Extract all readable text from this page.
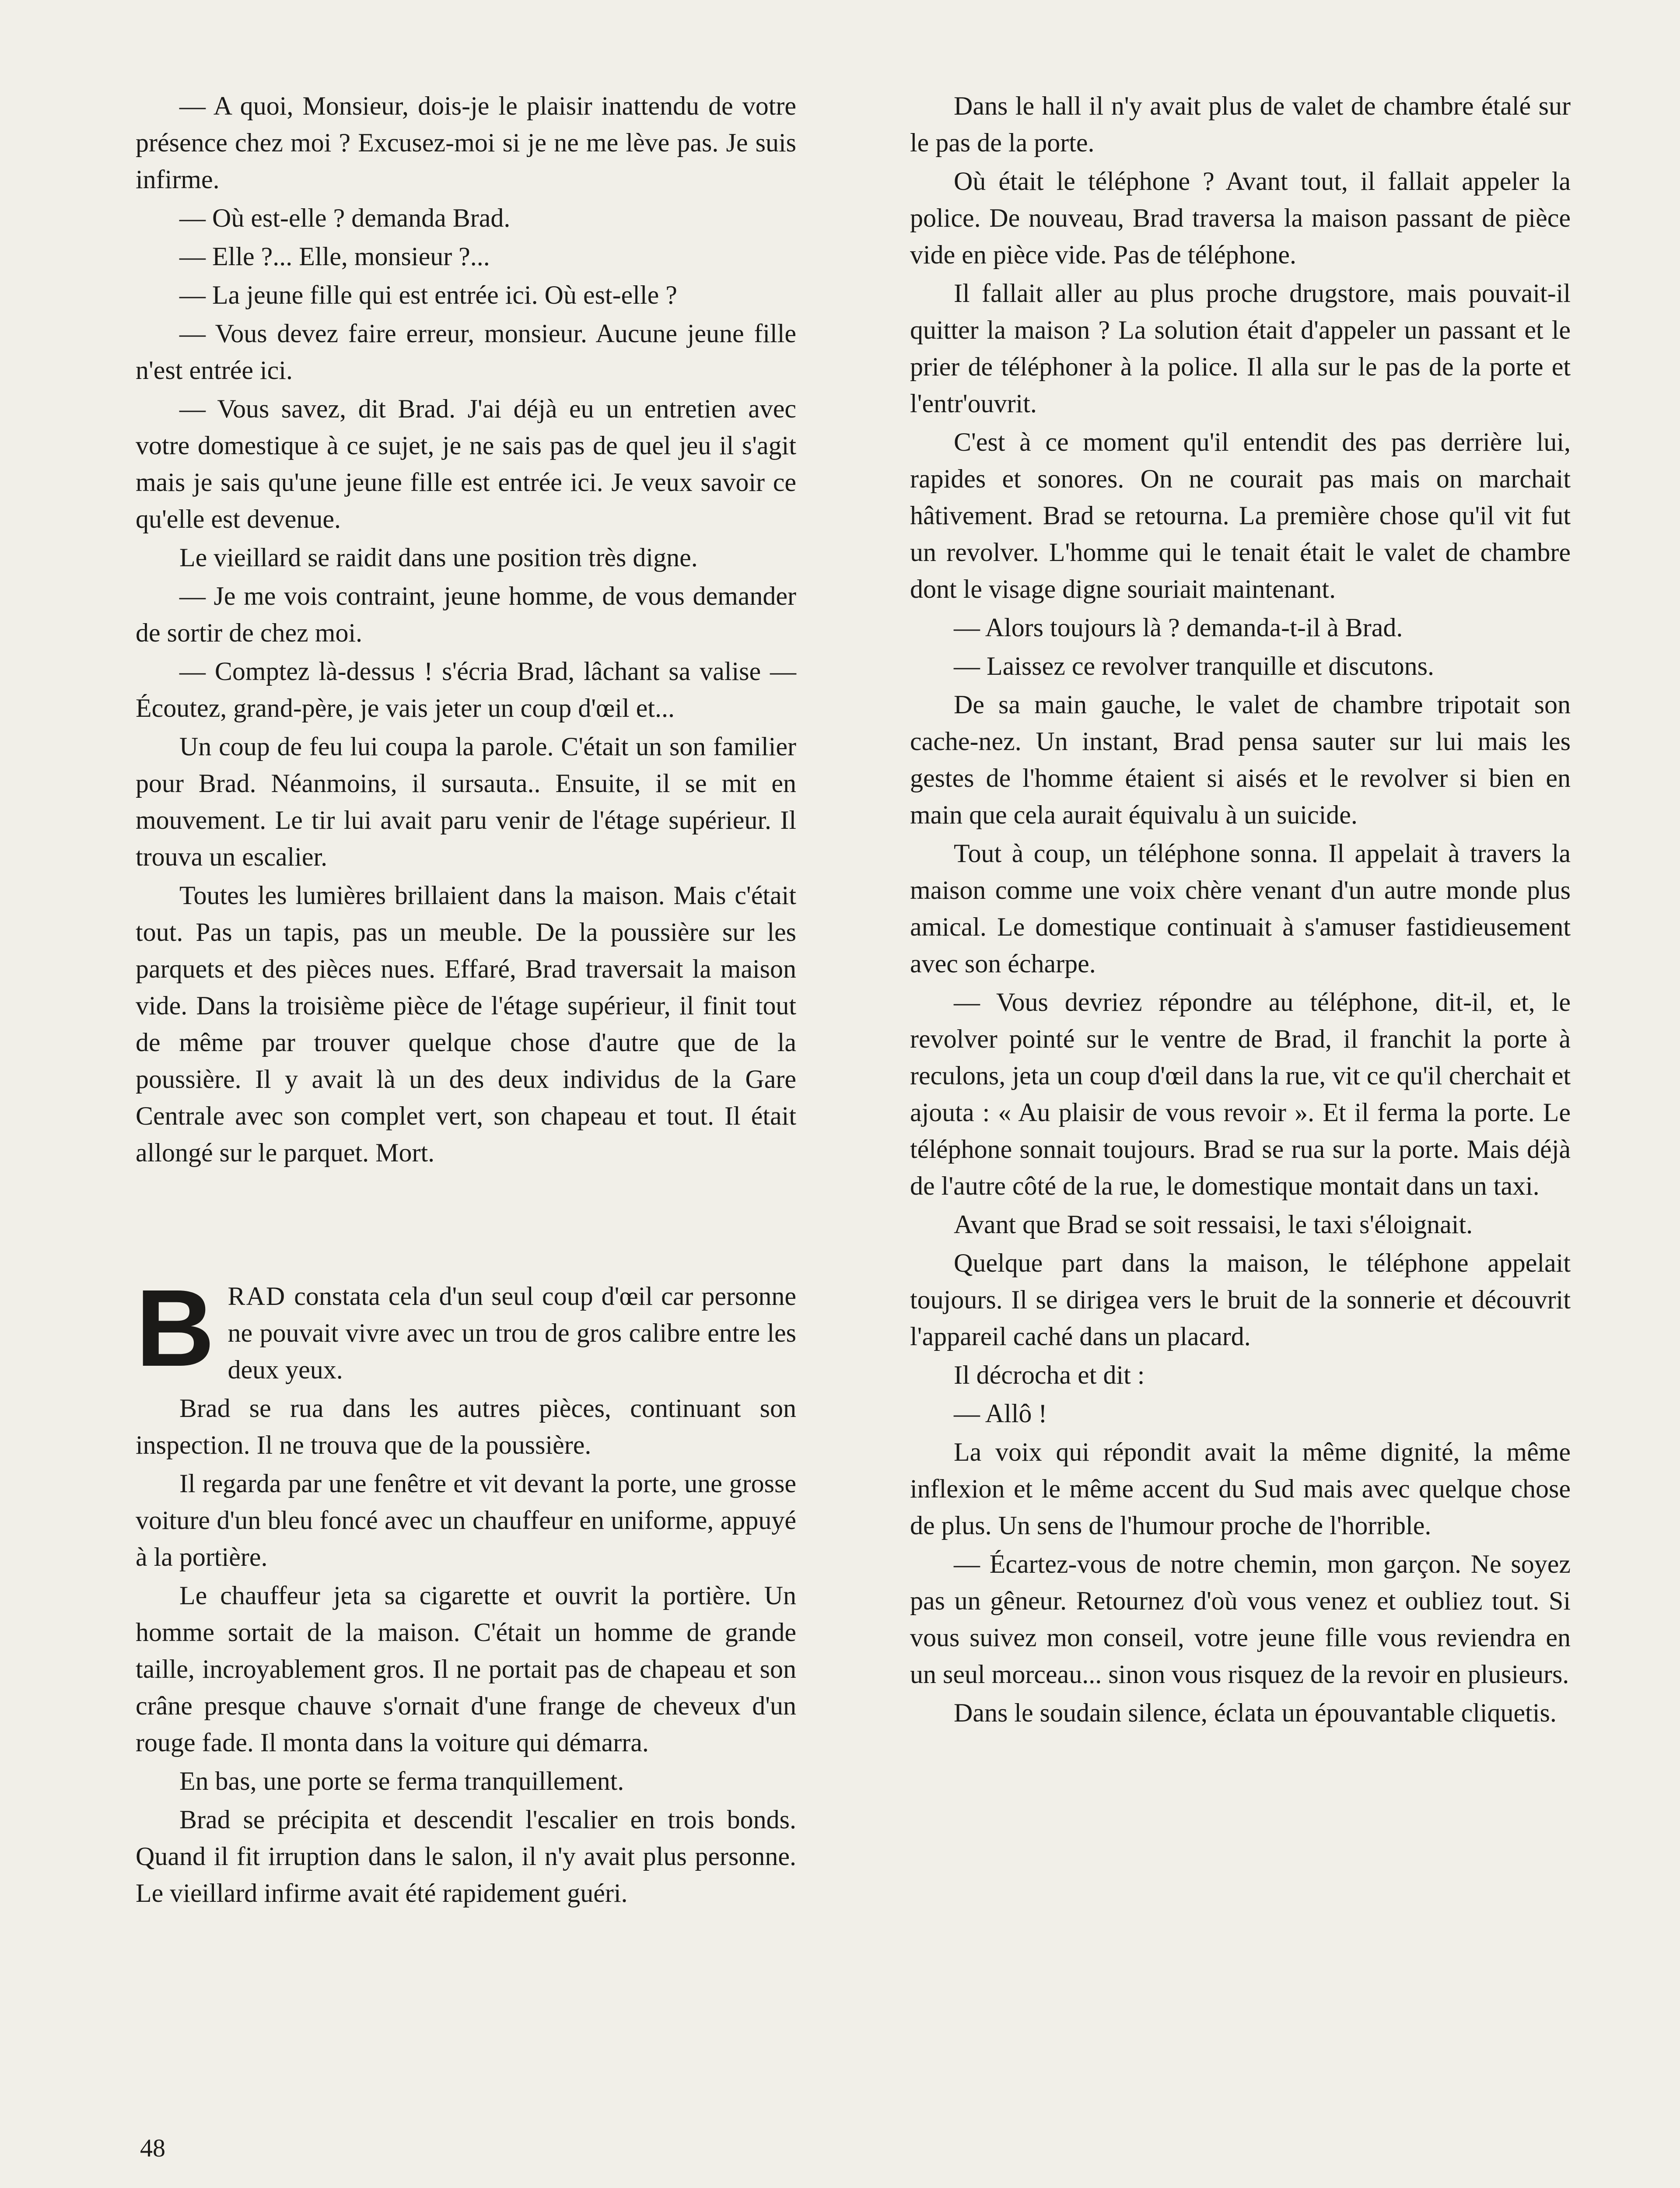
— A quoi, Monsieur, dois-je le plaisir inattendu de votre présence chez moi ? Excusez-moi si je ne me lève pas. Je suis infirme.

— Où est-elle ? demanda Brad.

— Elle ?... Elle, monsieur ?...

— La jeune fille qui est entrée ici. Où est-elle ?

— Vous devez faire erreur, monsieur. Aucune jeune fille n'est entrée ici.

— Vous savez, dit Brad. J'ai déjà eu un entretien avec votre domestique à ce sujet, je ne sais pas de quel jeu il s'agit mais je sais qu'une jeune fille est entrée ici. Je veux savoir ce qu'elle est devenue.

Le vieillard se raidit dans une position très digne.

— Je me vois contraint, jeune homme, de vous demander de sortir de chez moi.

— Comptez là-dessus ! s'écria Brad, lâchant sa valise — Écoutez, grand-père, je vais jeter un coup d'œil et...

Un coup de feu lui coupa la parole. C'était un son familier pour Brad. Néanmoins, il sursauta.. Ensuite, il se mit en mouvement. Le tir lui avait paru venir de l'étage supérieur. Il trouva un escalier.

Toutes les lumières brillaient dans la maison. Mais c'était tout. Pas un tapis, pas un meuble. De la poussière sur les parquets et des pièces nues. Effaré, Brad traversait la maison vide. Dans la troisième pièce de l'étage supérieur, il finit tout de même par trouver quelque chose d'autre que de la poussière. Il y avait là un des deux individus de la Gare Centrale avec son complet vert, son chapeau et tout. Il était allongé sur le parquet. Mort.

BRAD constata cela d'un seul coup d'œil car personne ne pouvait vivre avec un trou de gros calibre entre les deux yeux.

Brad se rua dans les autres pièces, continuant son inspection. Il ne trouva que de la poussière.

Il regarda par une fenêtre et vit devant la porte, une grosse voiture d'un bleu foncé avec un chauffeur en uniforme, appuyé à la portière.

Le chauffeur jeta sa cigarette et ouvrit la portière. Un homme sortait de la maison. C'était un homme de grande taille, incroyablement gros. Il ne portait pas de chapeau et son crâne presque chauve s'ornait d'une frange de cheveux d'un rouge fade. Il monta dans la voiture qui démarra.

En bas, une porte se ferma tranquillement.

Brad se précipita et descendit l'escalier en trois bonds. Quand il fit irruption dans le salon, il n'y avait plus personne. Le vieillard infirme avait été rapidement guéri.

Dans le hall il n'y avait plus de valet de chambre étalé sur le pas de la porte.

Où était le téléphone ? Avant tout, il fallait appeler la police. De nouveau, Brad traversa la maison passant de pièce vide en pièce vide. Pas de téléphone.

Il fallait aller au plus proche drugstore, mais pouvait-il quitter la maison ? La solution était d'appeler un passant et le prier de téléphoner à la police. Il alla sur le pas de la porte et l'entr'ouvrit.

C'est à ce moment qu'il entendit des pas derrière lui, rapides et sonores. On ne courait pas mais on marchait hâtivement. Brad se retourna. La première chose qu'il vit fut un revolver. L'homme qui le tenait était le valet de chambre dont le visage digne souriait maintenant.

— Alors toujours là ? demanda-t-il à Brad.

— Laissez ce revolver tranquille et discutons.

De sa main gauche, le valet de chambre tripotait son cache-nez. Un instant, Brad pensa sauter sur lui mais les gestes de l'homme étaient si aisés et le revolver si bien en main que cela aurait équivalu à un suicide.

Tout à coup, un téléphone sonna. Il appelait à travers la maison comme une voix chère venant d'un autre monde plus amical. Le domestique continuait à s'amuser fastidieusement avec son écharpe.

— Vous devriez répondre au téléphone, dit-il, et, le revolver pointé sur le ventre de Brad, il franchit la porte à reculons, jeta un coup d'œil dans la rue, vit ce qu'il cherchait et ajouta : « Au plaisir de vous revoir ». Et il ferma la porte. Le téléphone sonnait toujours. Brad se rua sur la porte. Mais déjà de l'autre côté de la rue, le domestique montait dans un taxi.

Avant que Brad se soit ressaisi, le taxi s'éloignait.

Quelque part dans la maison, le téléphone appelait toujours. Il se dirigea vers le bruit de la sonnerie et découvrit l'appareil caché dans un placard.

Il décrocha et dit :

— Allô !

La voix qui répondit avait la même dignité, la même inflexion et le même accent du Sud mais avec quelque chose de plus. Un sens de l'humour proche de l'horrible.

— Écartez-vous de notre chemin, mon garçon. Ne soyez pas un gêneur. Retournez d'où vous venez et oubliez tout. Si vous suivez mon conseil, votre jeune fille vous reviendra en un seul morceau... sinon vous risquez de la revoir en plusieurs.

Dans le soudain silence, éclata un épouvantable cliquetis.

48
